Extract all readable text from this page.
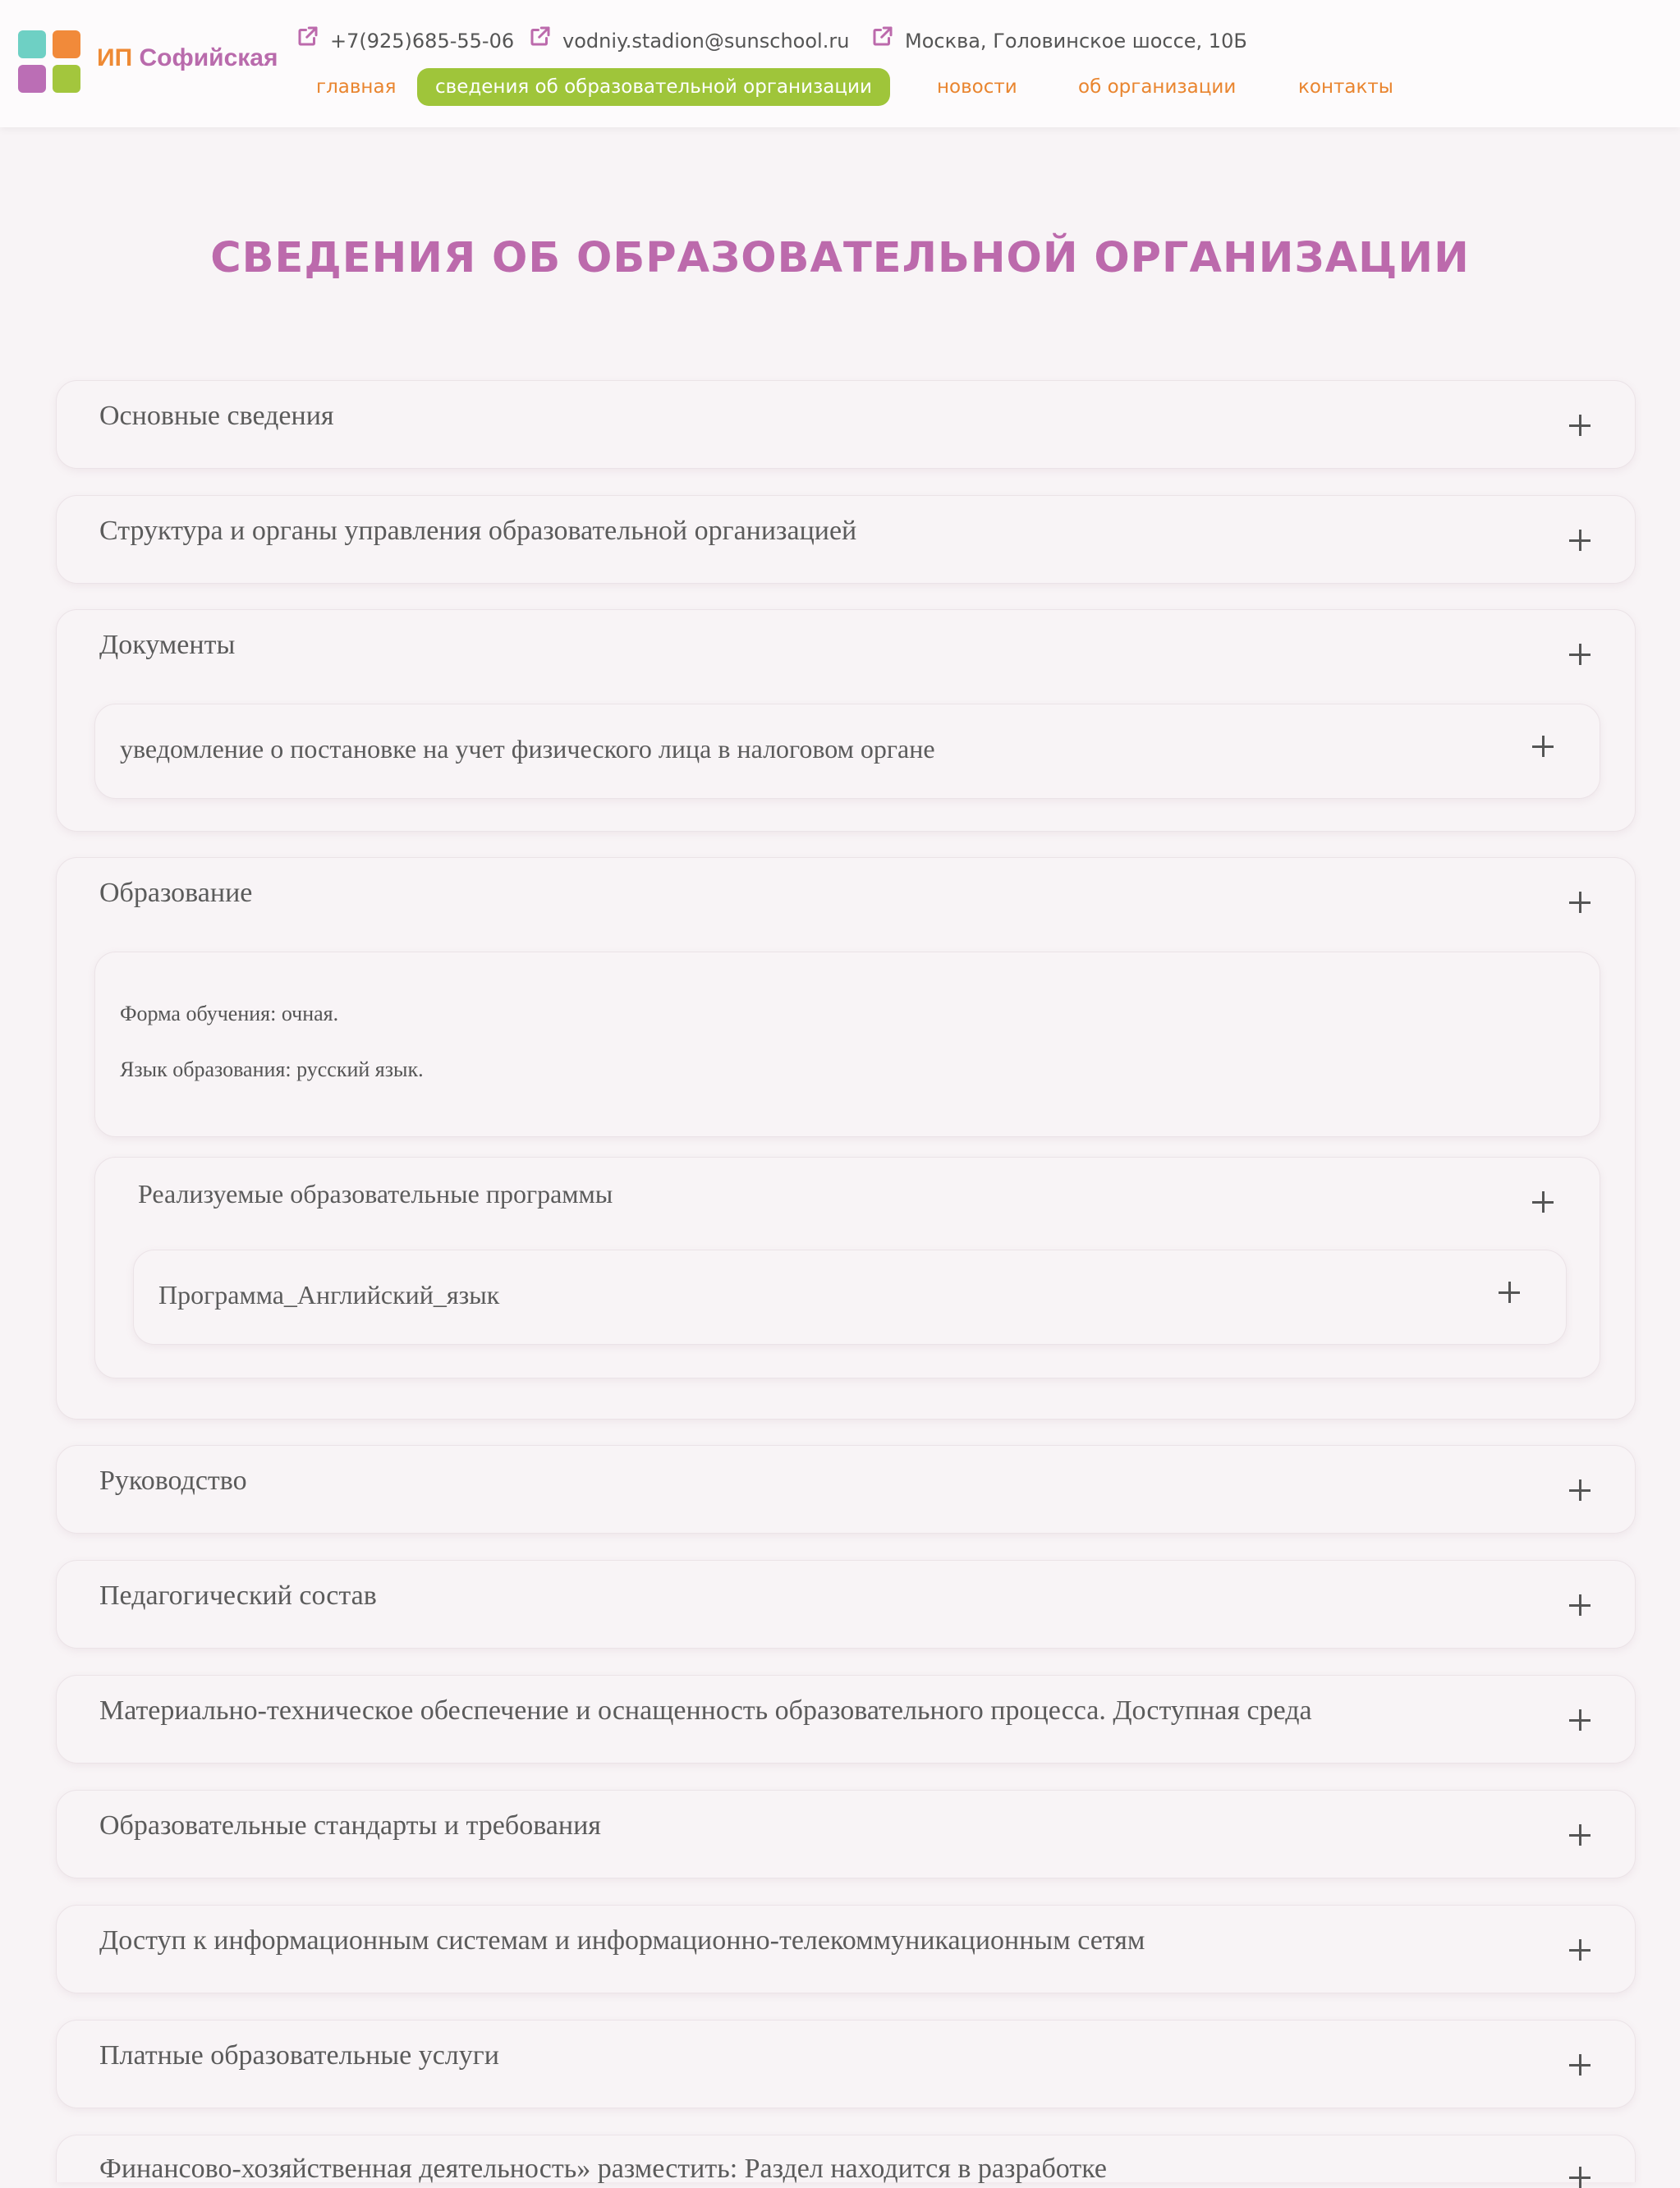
ИП Софийская
+7(925)685-55-06 vodniy.stadion@sunschool.ru	Москва, Головинское шоссе, 10Б
главная	сведения об образовательной организации	новости	об организации	контакты
СВЕДЕНИЯ ОБ ОБРАЗОВАТЕЛЬНОЙ ОРГАНИЗАЦИИ
Основные сведения
Структура и органы управления образовательной организацией
Документы
уведомление о постановке на учет физического лица в налоговом органе
Образование
Форма обучения: очная.
Язык образования: русский язык.
Реализуемые образовательные программы
Программа_Английский_язык
Руководство
Педагогический состав
Материально-техническое обеспечение и оснащенность образовательного процесса. Доступная среда
Образовательные стандарты и требования
Доступ к информационным системам и информационно-телекоммуникационным сетям
Платные образовательные услуги
Финансово-хозяйственная деятельность» разместить: Раздел находится в разработке
